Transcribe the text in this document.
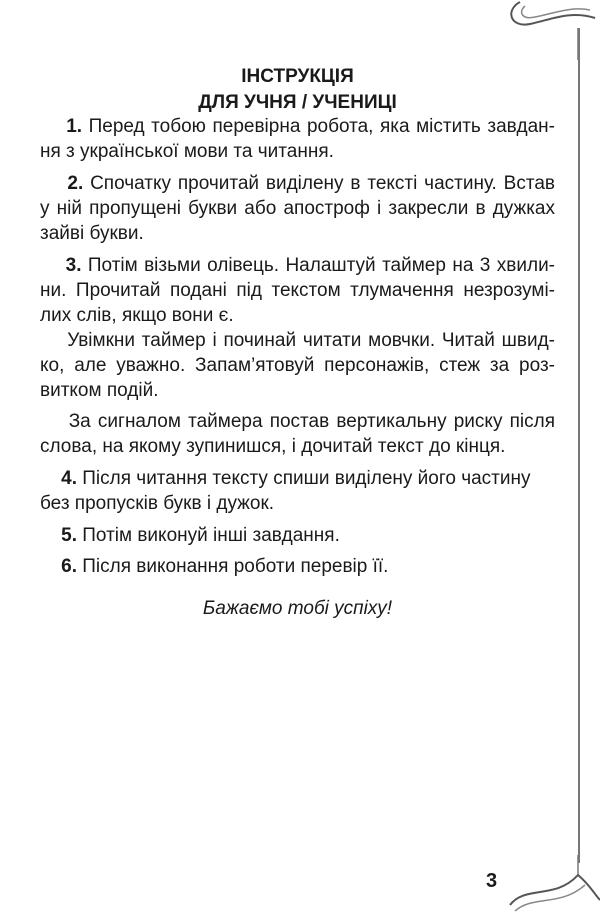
ІНСТРУКЦІЯ
ДЛЯ УЧНЯ / УЧЕНИЦІ
1. Перед тобою перевірна робота, яка містить завдан-
ня з української мови та читання.
2. Спочатку прочитай виділену в тексті частину. Встав
у ній пропущені букви або апостроф і закресли в дужках
зайві букви.
3. Потім візьми олівець. Налаштуй таймер на 3 хвили-
ни. Прочитай подані під текстом тлумачення незрозумі-
лих слів, якщо вони є.
Увімкни таймер і починай читати мовчки. Читай швид-
ко, але уважно. Запам’ятовуй персонажів, стеж за роз-
витком подій.
За сигналом таймера постав вертикальну риску після
слова, на якому зупинишся, і дочитай текст до кінця.
4. Після читання тексту спиши виділену його частину
без пропусків букв і дужок.
5. Потім виконуй інші завдання.
6. Після виконання роботи перевір її.
Бажаємо тобі успіху!
3
